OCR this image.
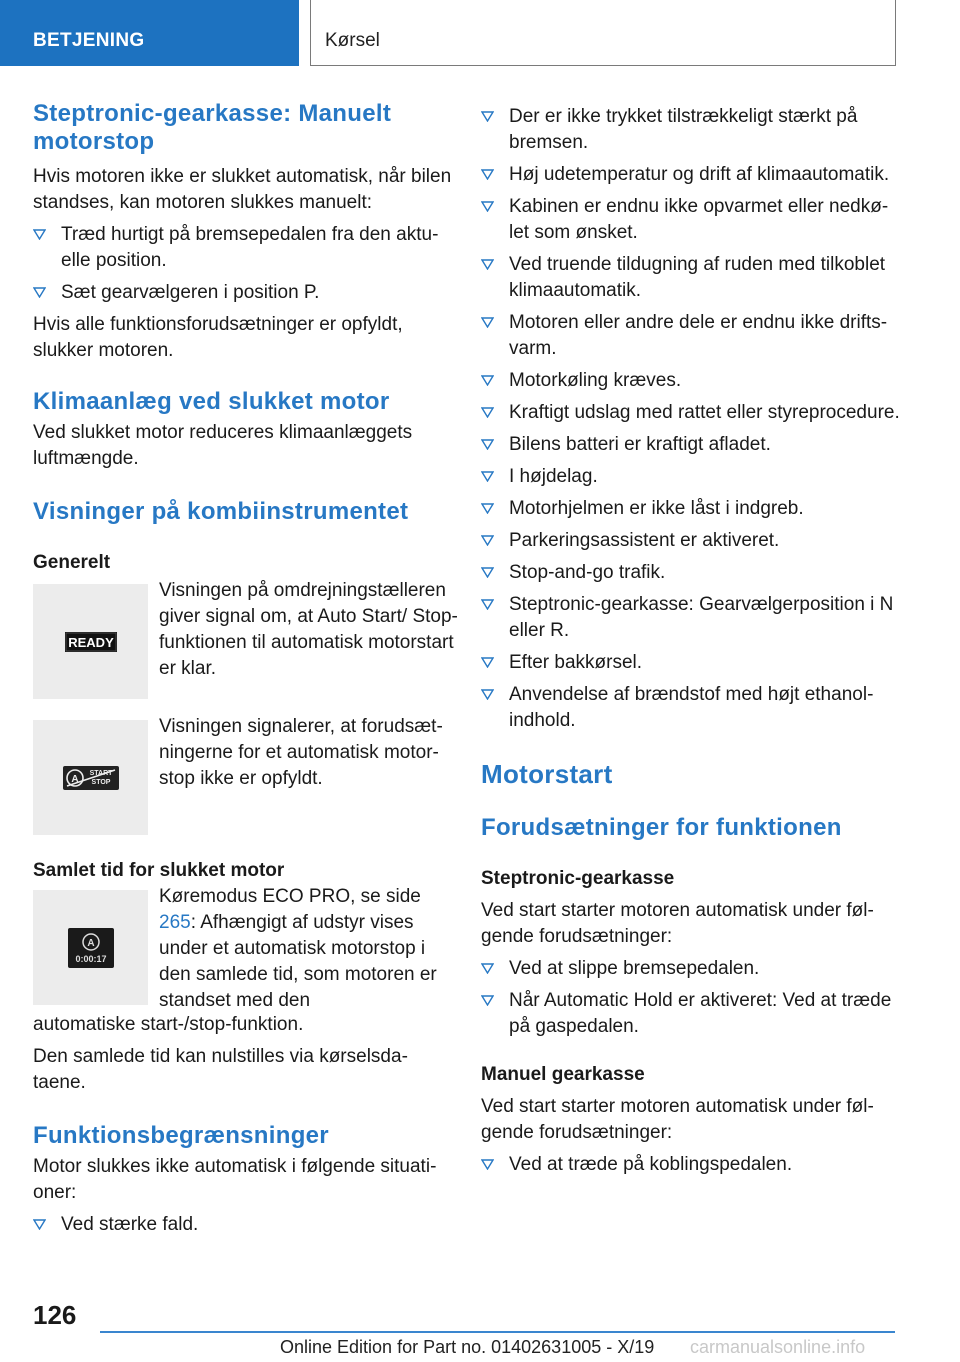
BETJENING	Kørsel
Steptronic-gearkasse: Manuelt motorstop

Hvis motoren ikke er slukket automatisk, når bilen standses, kan motoren slukkes manuelt:

Træd hurtigt på bremsepedalen fra den aktuelle position.
Sæt gearvælgeren i position P.

Hvis alle funktionsforudsætninger er opfyldt, slukker motoren.

Klimaanlæg ved slukket motor

Ved slukket motor reduceres klimaanlæggets luftmængde.

Visninger på kombiinstrumentet
Generelt
READY
Visningen på omdrejningstælleren giver signal om, at Auto Start/ Stop-funktionen til automatisk motorstart er klar.
A
START
STOP
Visningen signalerer, at forudsætningerne for et automatisk motorstop ikke er opfyldt.
Samlet tid for slukket motor
A
0:00:17
Køremodus ECO PRO, se side 265: Afhængigt af udstyr vises under et automatisk motorstop i den samlede tid, som motoren er standset med den

automatiske start-/stop-funktion.

Den samlede tid kan nulstilles via kørselsdataene.

Funktionsbegrænsninger

Motor slukkes ikke automatisk i følgende situationer:

Ved stærke fald.
Der er ikke trykket tilstrækkeligt stærkt på bremsen.
Høj udetemperatur og drift af klimaautomatik.
Kabinen er endnu ikke opvarmet eller nedkølet som ønsket.
Ved truende tildugning af ruden med tilkoblet klimaautomatik.
Motoren eller andre dele er endnu ikke driftsvarm.
Motorkøling kræves.
Kraftigt udslag med rattet eller styreprocedure.
Bilens batteri er kraftigt afladet.
I højdelag.
Motorhjelmen er ikke låst i indgreb.
Parkeringsassistent er aktiveret.
Stop-and-go trafik.
Steptronic-gearkasse: Gearvælgerposition i N eller R.
Efter bakkørsel.
Anvendelse af brændstof med højt ethanolindhold.
Motorstart
Forudsætninger for funktionen
Steptronic-gearkasse

Ved start starter motoren automatisk under følgende forudsætninger:

Ved at slippe bremsepedalen.
Når Automatic Hold er aktiveret: Ved at træde på gaspedalen.
Manuel gearkasse

Ved start starter motoren automatisk under følgende forudsætninger:

Ved at træde på koblingspedalen.
126
Online Edition for Part no. 01402631005 - X/19 carmanualsonline.info
